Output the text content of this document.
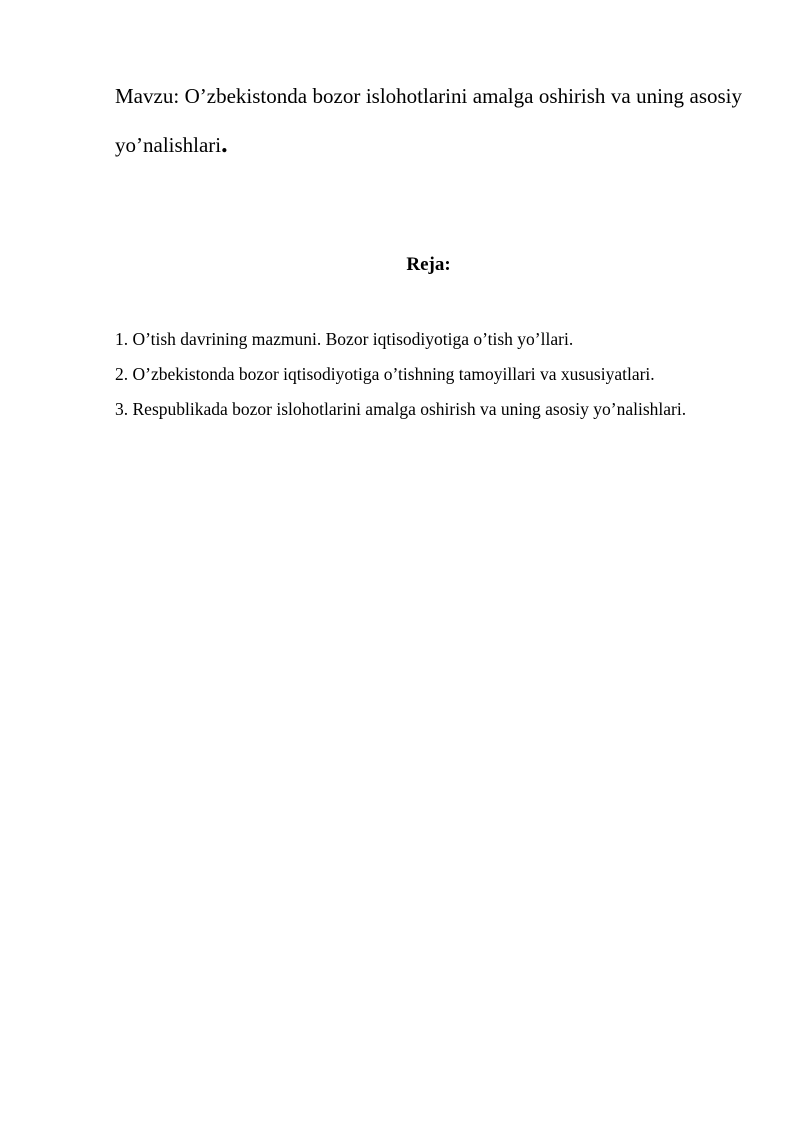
Mavzu: O’zbekistonda bozor islohotlarini amalga oshirish va uning asosiy yo’nalishlari.
Reja:
1. O’tish davrining mazmuni. Bozor iqtisodiyotiga o’tish yo’llari.
2. O’zbekistonda bozor iqtisodiyotiga o’tishning tamoyillari va xususiyatlari.
3. Respublikada bozor islohotlarini amalga oshirish va uning asosiy yo’nalishlari.
